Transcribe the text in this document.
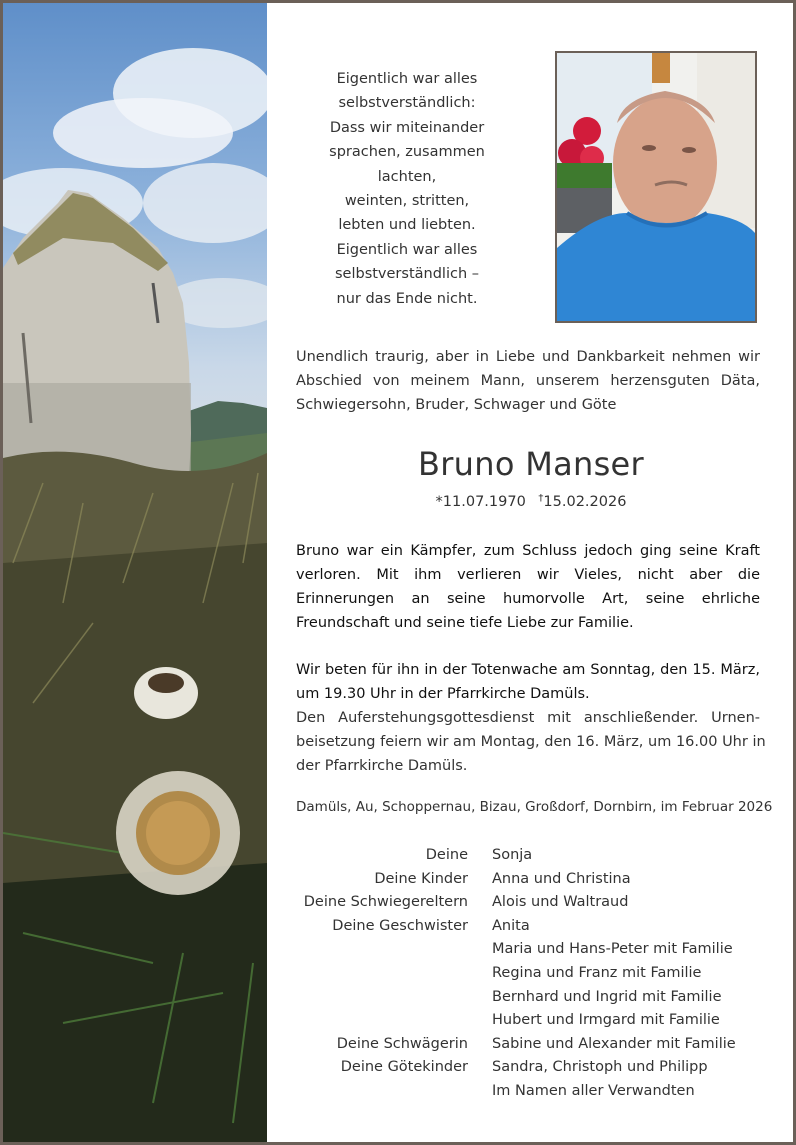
Eigentlich war alles
selbstverständlich:
Dass wir miteinander
sprachen, zusammen
lachten,
weinten, stritten,
lebten und liebten.
Eigentlich war alles
selbstverständlich –
nur das Ende nicht.
Unendlich traurig, aber in Liebe und Dankbarkeit nehmen wir
Abschied von meinem Mann, unserem herzensguten Däta,
Schwiegersohn, Bruder, Schwager und Göte
Bruno Manser
*11.07.1970 †15.02.2026
Bruno war ein Kämpfer, zum Schluss jedoch ging seine Kraft
verloren. Mit ihm verlieren wir Vieles, nicht aber die
Erinnerungen an seine humorvolle Art, seine ehrliche
Freundschaft und seine tiefe Liebe zur Familie.
Wir beten für ihn in der Totenwache am Sonntag, den 15. März,
um 19.30 Uhr in der Pfarrkirche Damüls.
Den Auferstehungsgottesdienst mit anschließender. Urnen-
beisetzung feiern wir am Montag, den 16. März, um 16.00 Uhr in
der Pfarrkirche Damüls.
Damüls, Au, Schoppernau, Bizau, Großdorf, Dornbirn, im Februar 2026
Deine Sonja
Deine Kinder Anna und Christina
Deine Schwiegereltern Alois und Waltraud
Deine Geschwister Anita
Maria und Hans-Peter mit Familie
Regina und Franz mit Familie
Bernhard und Ingrid mit Familie
Hubert und Irmgard mit Familie
Deine Schwägerin Sabine und Alexander mit Familie
Deine Götekinder Sandra, Christoph und Philipp
Im Namen aller Verwandten
